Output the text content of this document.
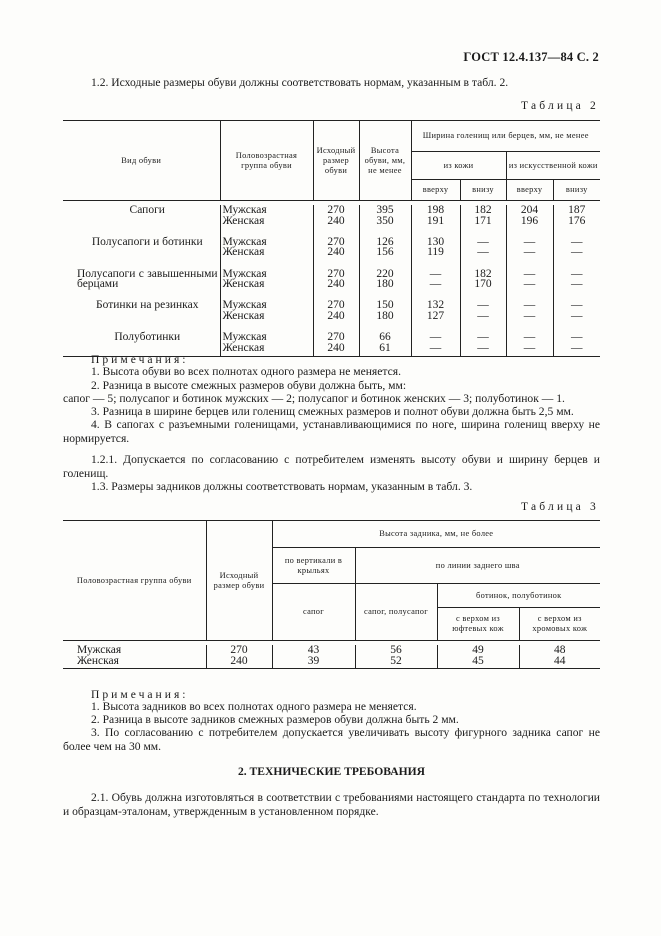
ГОСТ 12.4.137—84 С. 2
1.2. Исходные размеры обуви должны соответствовать нормам, указанным в табл. 2.
Таблица 2
Вид обуви	Половозрастная группа обуви	Исходный размер обуви	Высота обуви, мм, не менее	Ширина голенищ или берцев, мм, не менее			
				из кожи		из искусственной кожи	
				вверху	внизу	вверху	внизу

Сапоги	Мужская	270	395	198	182	204	187
	Женская	240	350	191	171	196	176

Полусапоги и ботинки	Мужская	270	126	130	—	—	—
	Женская	240	156	119	—	—	—

Полусапоги с завышенными берцами	Мужская	270	220	—	182	—	—
	Женская	240	180	—	170	—	—

Ботинки на резинках	Мужская	270	150	132	—	—	—
	Женская	240	180	127	—	—	—

Полуботинки	Мужская	270	66	—	—	—	—
	Женская	240	61	—	—	—	—
Примечания:
1. Высота обуви во всех полнотах одного размера не меняется.
2. Разница в высоте смежных размеров обуви должна быть, мм:
сапог — 5; полусапог и ботинок мужских — 2; полусапог и ботинок женских — 3; полуботинок — 1.
3. Разница в ширине берцев или голенищ смежных размеров и полнот обуви должна быть 2,5 мм.
4. В сапогах с разъемными голенищами, устанавливающимися по ноге, ширина голенищ вверху не нормируется.
1.2.1. Допускается по согласованию с потребителем изменять высоту обуви и ширину берцев и голенищ.
1.3. Размеры задников должны соответствовать нормам, указанным в табл. 3.
Таблица 3
Половозрастная группа обуви	Исходный размер обуви	Высота задника, мм, не более			
		по вертикали в крыльях	по линии заднего шва		
		сапог	сапог, полусапог	ботинок, полуботинок	
				с верхом из юфтевых кож	с верхом из хромовых кож

Мужская	270	43	56	49	48
Женская	240	39	52	45	44
Примечания:
1. Высота задников во всех полнотах одного размера не меняется.
2. Разница в высоте задников смежных размеров обуви должна быть 2 мм.
3. По согласованию с потребителем допускается увеличивать высоту фигурного задника сапог не более чем на 30 мм.
2. ТЕХНИЧЕСКИЕ ТРЕБОВАНИЯ
2.1. Обувь должна изготовляться в соответствии с требованиями настоящего стандарта по технологии и образцам-эталонам, утвержденным в установленном порядке.
